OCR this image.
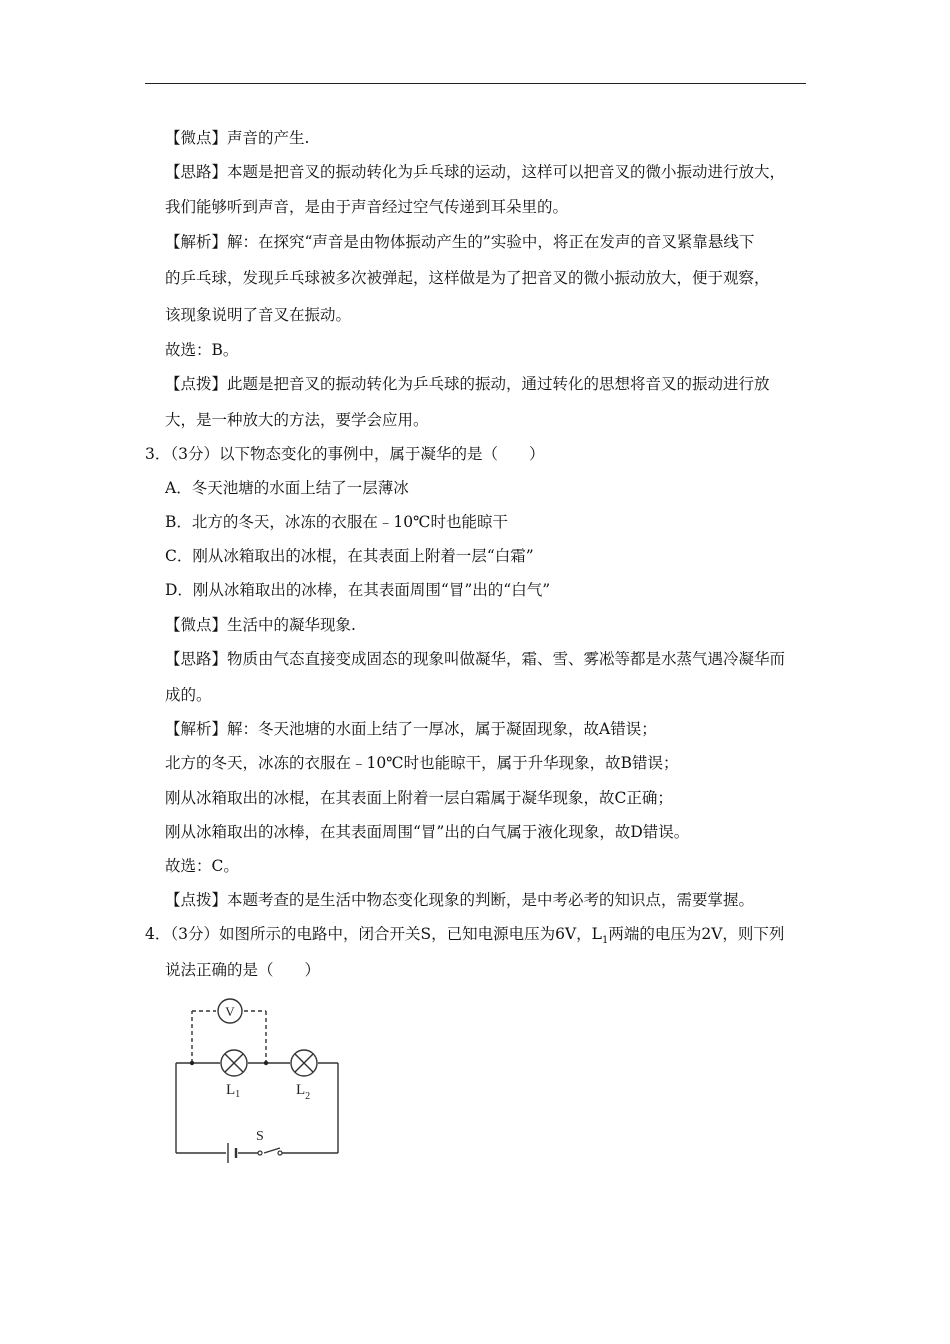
【微点】声音的产生.
【思路】本题是把音叉的振动转化为乒乓球的运动，这样可以把音叉的微小振动进行放大，
我们能够听到声音，是由于声音经过空气传递到耳朵里的。
【解析】解：在探究“声音是由物体振动产生的”实验中，将正在发声的音叉紧靠悬线下
的乒乓球，发现乒乓球被多次被弹起，这样做是为了把音叉的微小振动放大，便于观察，
该现象说明了音叉在振动。
故选：B。
【点拨】此题是把音叉的振动转化为乒乓球的振动，通过转化的思想将音叉的振动进行放
大，是一种放大的方法，要学会应用。
3．（3分）以下物态变化的事例中，属于凝华的是（　　）
A．冬天池塘的水面上结了一层薄冰
B．北方的冬天，冰冻的衣服在﹣10℃时也能晾干
C．刚从冰箱取出的冰棍，在其表面上附着一层“白霜”
D．刚从冰箱取出的冰棒，在其表面周围“冒”出的“白气”
【微点】生活中的凝华现象.
【思路】物质由气态直接变成固态的现象叫做凝华，霜、雪、雾凇等都是水蒸气遇冷凝华而
成的。
【解析】解：冬天池塘的水面上结了一厚冰，属于凝固现象，故A错误；
北方的冬天，冰冻的衣服在﹣10℃时也能晾干，属于升华现象，故B错误；
刚从冰箱取出的冰棍，在其表面上附着一层白霜属于凝华现象，故C正确；
刚从冰箱取出的冰棒，在其表面周围“冒”出的白气属于液化现象，故D错误。
故选：C。
【点拨】本题考查的是生活中物态变化现象的判断，是中考必考的知识点，需要掌握。
4．（3分）如图所示的电路中，闭合开关S，已知电源电压为6V，$L_1$两端的电压为2V，则下列
说法正确的是（　　）
V
$L_1$	$L_2$
S
